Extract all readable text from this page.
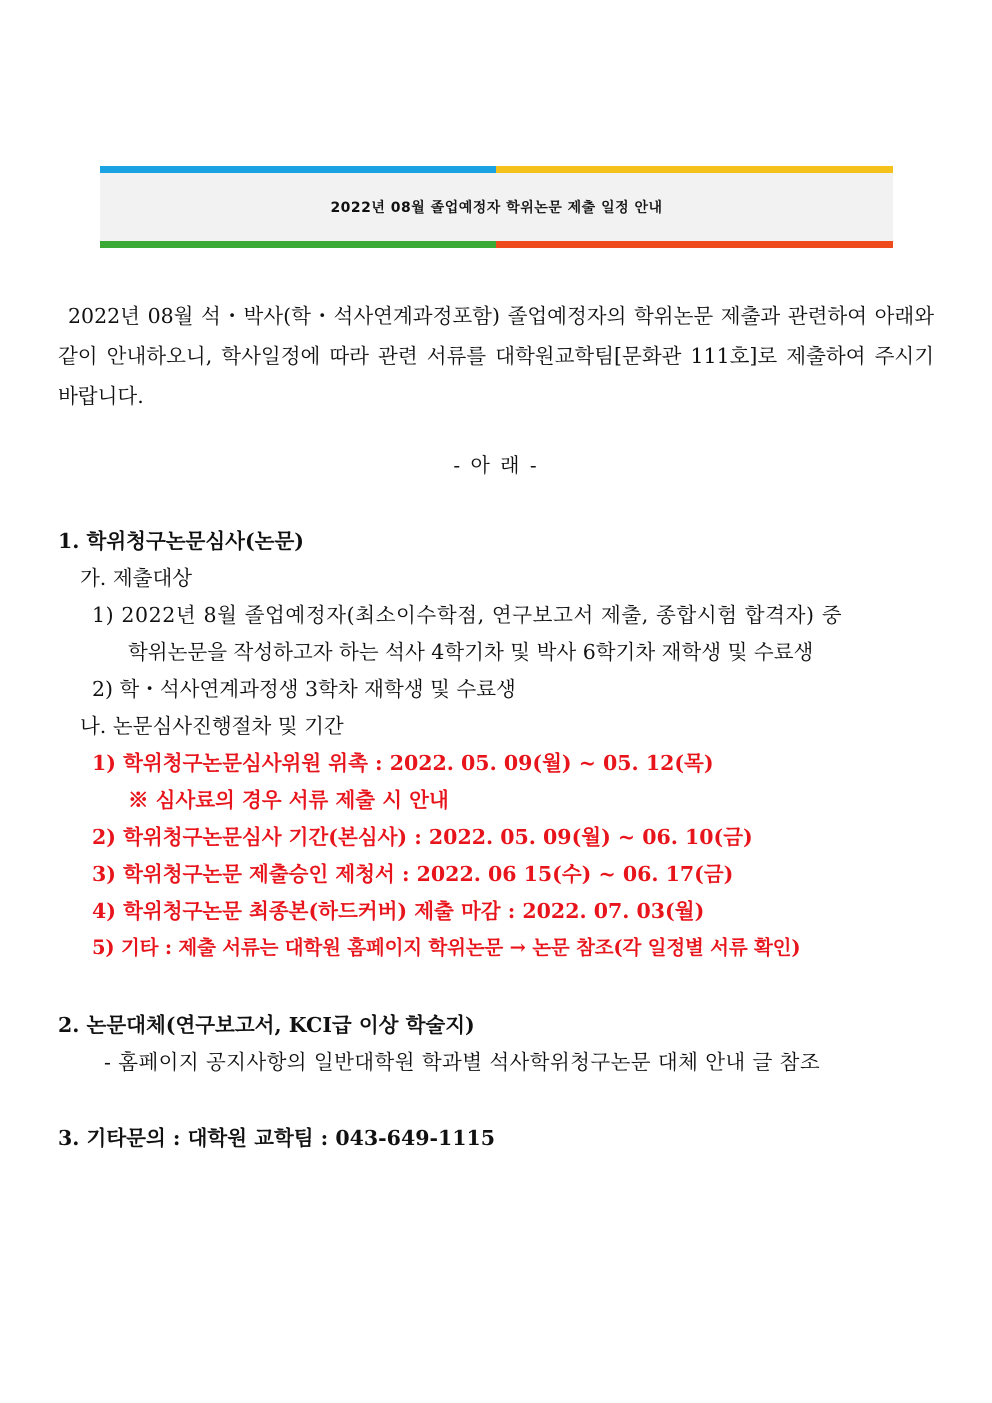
2022년 08월 졸업예정자 학위논문 제출 일정 안내
2022년 08월 석・박사(학・석사연계과정포함) 졸업예정자의 학위논문 제출과 관련하여 아래와 같이 안내하오니, 학사일정에 따라 관련 서류를 대학원교학팀[문화관 111호]로 제출하여 주시기 바랍니다.
- 아 래 -
1. 학위청구논문심사(논문)
가. 제출대상
1) 2022년 8월 졸업예정자(최소이수학점, 연구보고서 제출, 종합시험 합격자) 중
학위논문을 작성하고자 하는 석사 4학기차 및 박사 6학기차 재학생 및 수료생
2) 학・석사연계과정생 3학차 재학생 및 수료생
나. 논문심사진행절차 및 기간
1) 학위청구논문심사위원 위촉 : 2022. 05. 09(월) ~ 05. 12(목)
※ 심사료의 경우 서류 제출 시 안내
2) 학위청구논문심사 기간(본심사) : 2022. 05. 09(월) ~ 06. 10(금)
3) 학위청구논문 제출승인 제청서 : 2022. 06 15(수) ~ 06. 17(금)
4) 학위청구논문 최종본(하드커버) 제출 마감 : 2022. 07. 03(월)
5) 기타 : 제출 서류는 대학원 홈페이지 학위논문 → 논문 참조(각 일정별 서류 확인)
2. 논문대체(연구보고서, KCI급 이상 학술지)
- 홈페이지 공지사항의 일반대학원 학과별 석사학위청구논문 대체 안내 글 참조
3. 기타문의 : 대학원 교학팀 : 043-649-1115
